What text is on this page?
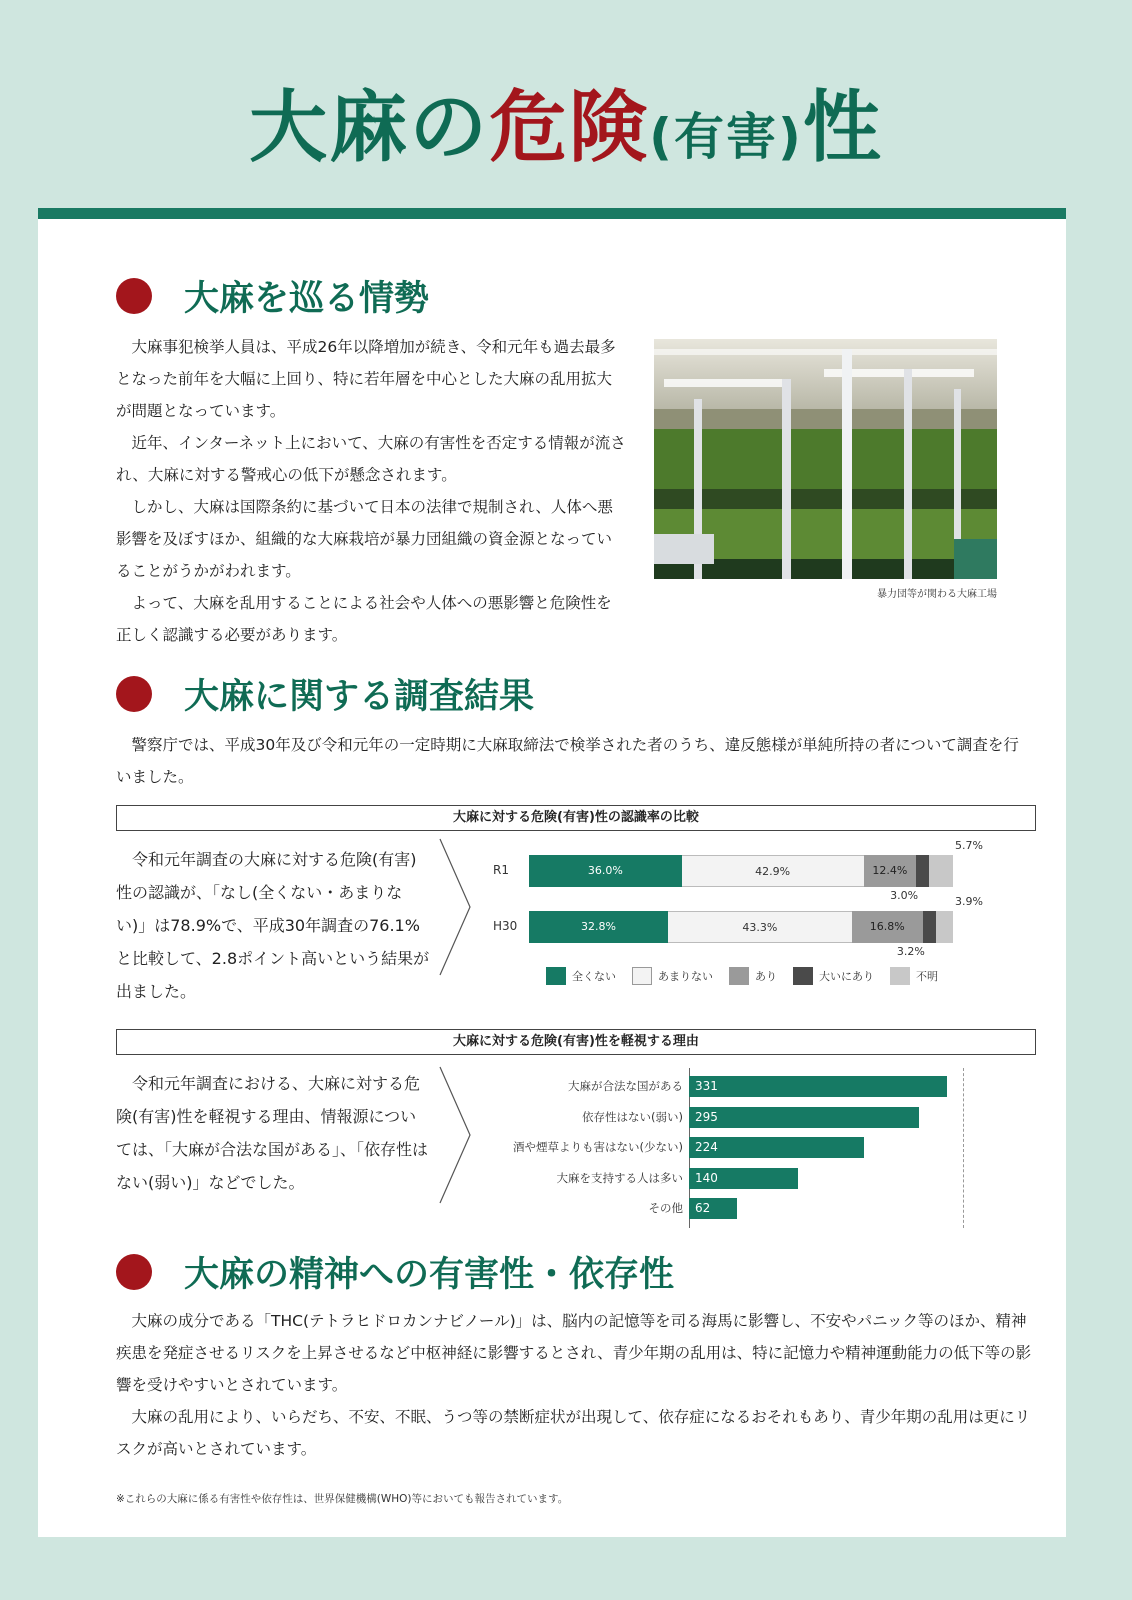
大麻の危険(有害)性
大麻を巡る情勢

大麻事犯検挙人員は、平成26年以降増加が続き、令和元年も過去最多となった前年を大幅に上回り、特に若年層を中心とした大麻の乱用拡大が問題となっています。

近年、インターネット上において、大麻の有害性を否定する情報が流され、大麻に対する警戒心の低下が懸念されます。

しかし、大麻は国際条約に基づいて日本の法律で規制され、人体へ悪影響を及ぼすほか、組織的な大麻栽培が暴力団組織の資金源となっていることがうかがわれます。

よって、大麻を乱用することによる社会や人体への悪影響と危険性を正しく認識する必要があります。

暴力団等が関わる大麻工場
大麻に関する調査結果

警察庁では、平成30年及び令和元年の一定時期に大麻取締法で検挙された者のうち、違反態様が単純所持の者について調査を行いました。

大麻に対する危険(有害)性の認識率の比較

令和元年調査の大麻に対する危険(有害)性の認識が、「なし(全くない・あまりない)」は78.9%で、平成30年調査の76.1%と比較して、2.8ポイント高いという結果が出ました。

R1	36.0%	42.9%	12.4%
3.0%
5.7%
H30	32.8%	43.3%	16.8%
3.2%
3.9%
全くない	あまりない	あり	大いにあり	不明
大麻に対する危険(有害)性を軽視する理由

令和元年調査における、大麻に対する危険(有害)性を軽視する理由、情報源については、「大麻が合法な国がある」、「依存性はない(弱い)」などでした。

大麻が合法な国がある 331
依存性はない(弱い) 295
酒や煙草よりも害はない(少ない) 224
大麻を支持する人は多い 140
その他 62
大麻の精神への有害性・依存性

大麻の成分である「THC(テトラヒドロカンナビノール)」は、脳内の記憶等を司る海馬に影響し、不安やパニック等のほか、精神疾患を発症させるリスクを上昇させるなど中枢神経に影響するとされ、青少年期の乱用は、特に記憶力や精神運動能力の低下等の影響を受けやすいとされています。

大麻の乱用により、いらだち、不安、不眠、うつ等の禁断症状が出現して、依存症になるおそれもあり、青少年期の乱用は更にリスクが高いとされています。

※これらの大麻に係る有害性や依存性は、世界保健機構(WHO)等においても報告されています。
